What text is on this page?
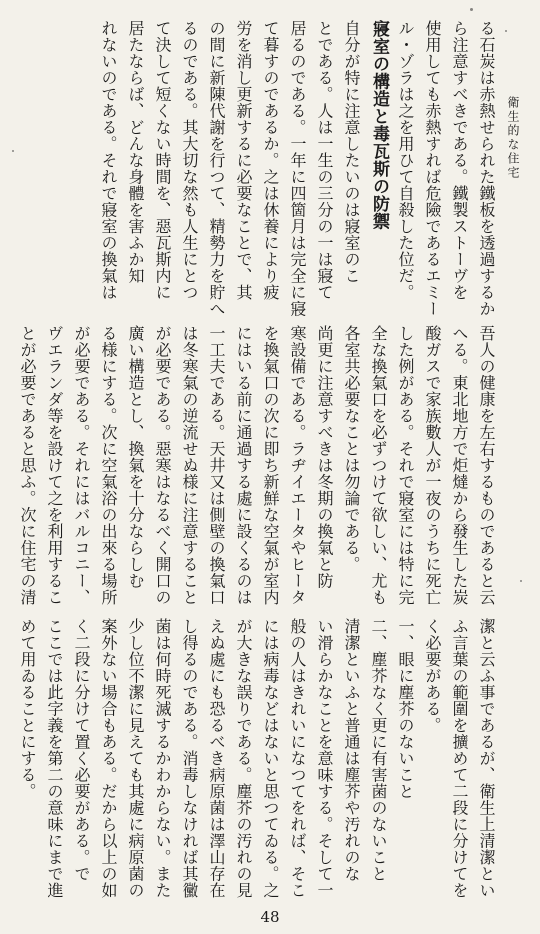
衛生的な住宅
る石炭は赤熱せられた鐵板を透過するか
ら注意すべきである。鐵製ストーヴを
使用しても赤熱すれば危險であるエミー
ル・ゾラは之を用ひて自殺した位だ。
寢室の構造と毒瓦斯の防禦
自分が特に注意したいのは寢室のこ
とである。人は一生の三分の一は寢て
居るのである。一年に四箇月は完全に寢
て暮すのであるか。之は休養により疲
労を消し更新するに必要なことで、其
の間に新陳代謝を行つて、精勢力を貯へ
るのである。其大切な然も人生にとつ
て決して短くない時間を、惡瓦斯内に
居たならば、どんな身體を害ふか知
れないのである。それで寢室の換氣は
吾人の健康を左右するものであると云
へる。東北地方で炬燵から發生した炭
酸ガスで家族數人が一夜のうちに死亡
した例がある。それで寢室には特に完
全な換氣口を必ずつけて欲しい、尤も
各室共必要なことは勿論である。
尚更に注意すべきは冬期の換氣と防
寒設備である。ラヂイエータやヒータ
を換氣口の次に即ち新鮮な空氣が室内
にはいる前に通過する處に設くるのは
一工夫である。天井又は側壁の換氣口
は冬寒氣の逆流せぬ様に注意すること
が必要である。惡寒はなるべく開口の
廣い構造とし、換氣を十分ならしむ
る様にする。次に空氣浴の出來る場所
が必要である。それにはバルコニー、
ヴエランダ等を設けて之を利用するこ
とが必要であると思ふ。次に住宅の清
潔と云ふ事であるが、衛生上清潔とい
ふ言葉の範圍を擴めて二段に分けてを
く必要がある。
一、眼に塵芥のないこと
二、塵芥なく更に有害菌のないこと
清潔といふと普通は塵芥や汚れのな
い滑らかなことを意味する。そして一
般の人はきれいになつてをれば、そこ
には病毒などはないと思つてゐる。之
が大きな誤りである。塵芥の汚れの見
えぬ處にも恐るべき病原菌は澤山存在
し得るのである。消毒しなければ其黴
菌は何時死滅するかわからない。また
少し位不潔に見えても其處に病原菌の
案外ない場合もある。だから以上の如
く二段に分けて置く必要がある。で
ここでは此字義を第二の意味にまで進
めて用ゐることにする。
48
